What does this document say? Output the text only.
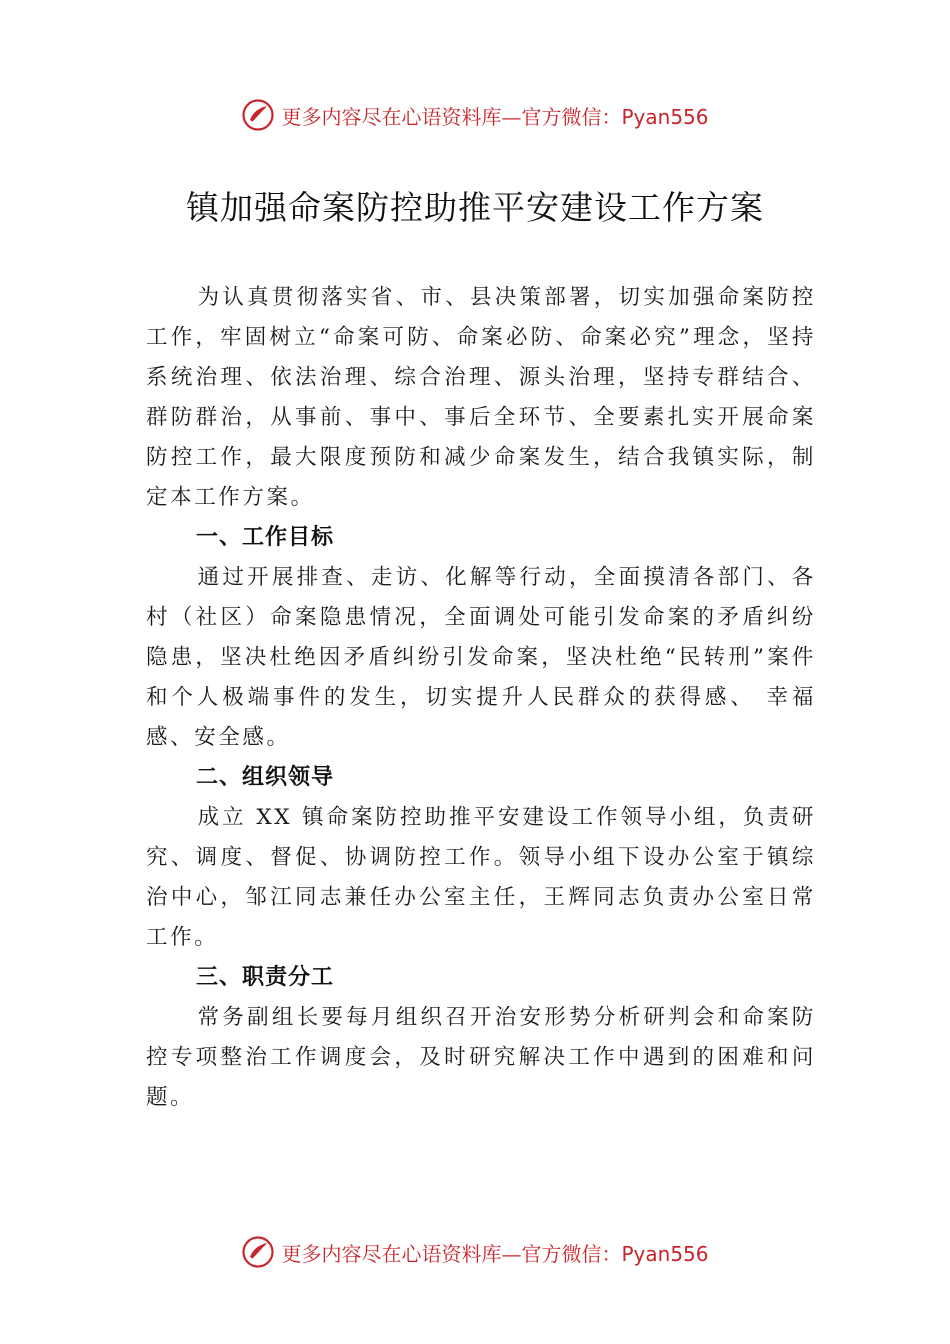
更多内容尽在心语资料库—官方微信：Pyan556
镇加强命案防控助推平安建设工作方案

为认真贯彻落实省、市、县决策部署，切实加强命案防控工作，牢固树立“命案可防、命案必防、命案必究”理念，坚持系统治理、依法治理、综合治理、源头治理，坚持专群结合、群防群治，从事前、事中、事后全环节、全要素扎实开展命案防控工作，最大限度预防和减少命案发生，结合我镇实际，制定本工作方案。

一、工作目标

通过开展排查、走访、化解等行动，全面摸清各部门、各村（社区）命案隐患情况，全面调处可能引发命案的矛盾纠纷隐患，坚决杜绝因矛盾纠纷引发命案，坚决杜绝“民转刑”案件和个人极端事件的发生，切实提升人民群众的获得感、 幸福感、安全感。

二、组织领导

成立 XX 镇命案防控助推平安建设工作领导小组，负责研究、调度、督促、协调防控工作。领导小组下设办公室于镇综治中心，邹江同志兼任办公室主任，王辉同志负责办公室日常工作。

三、职责分工

常务副组长要每月组织召开治安形势分析研判会和命案防控专项整治工作调度会，及时研究解决工作中遇到的困难和问题。

更多内容尽在心语资料库—官方微信：Pyan556
